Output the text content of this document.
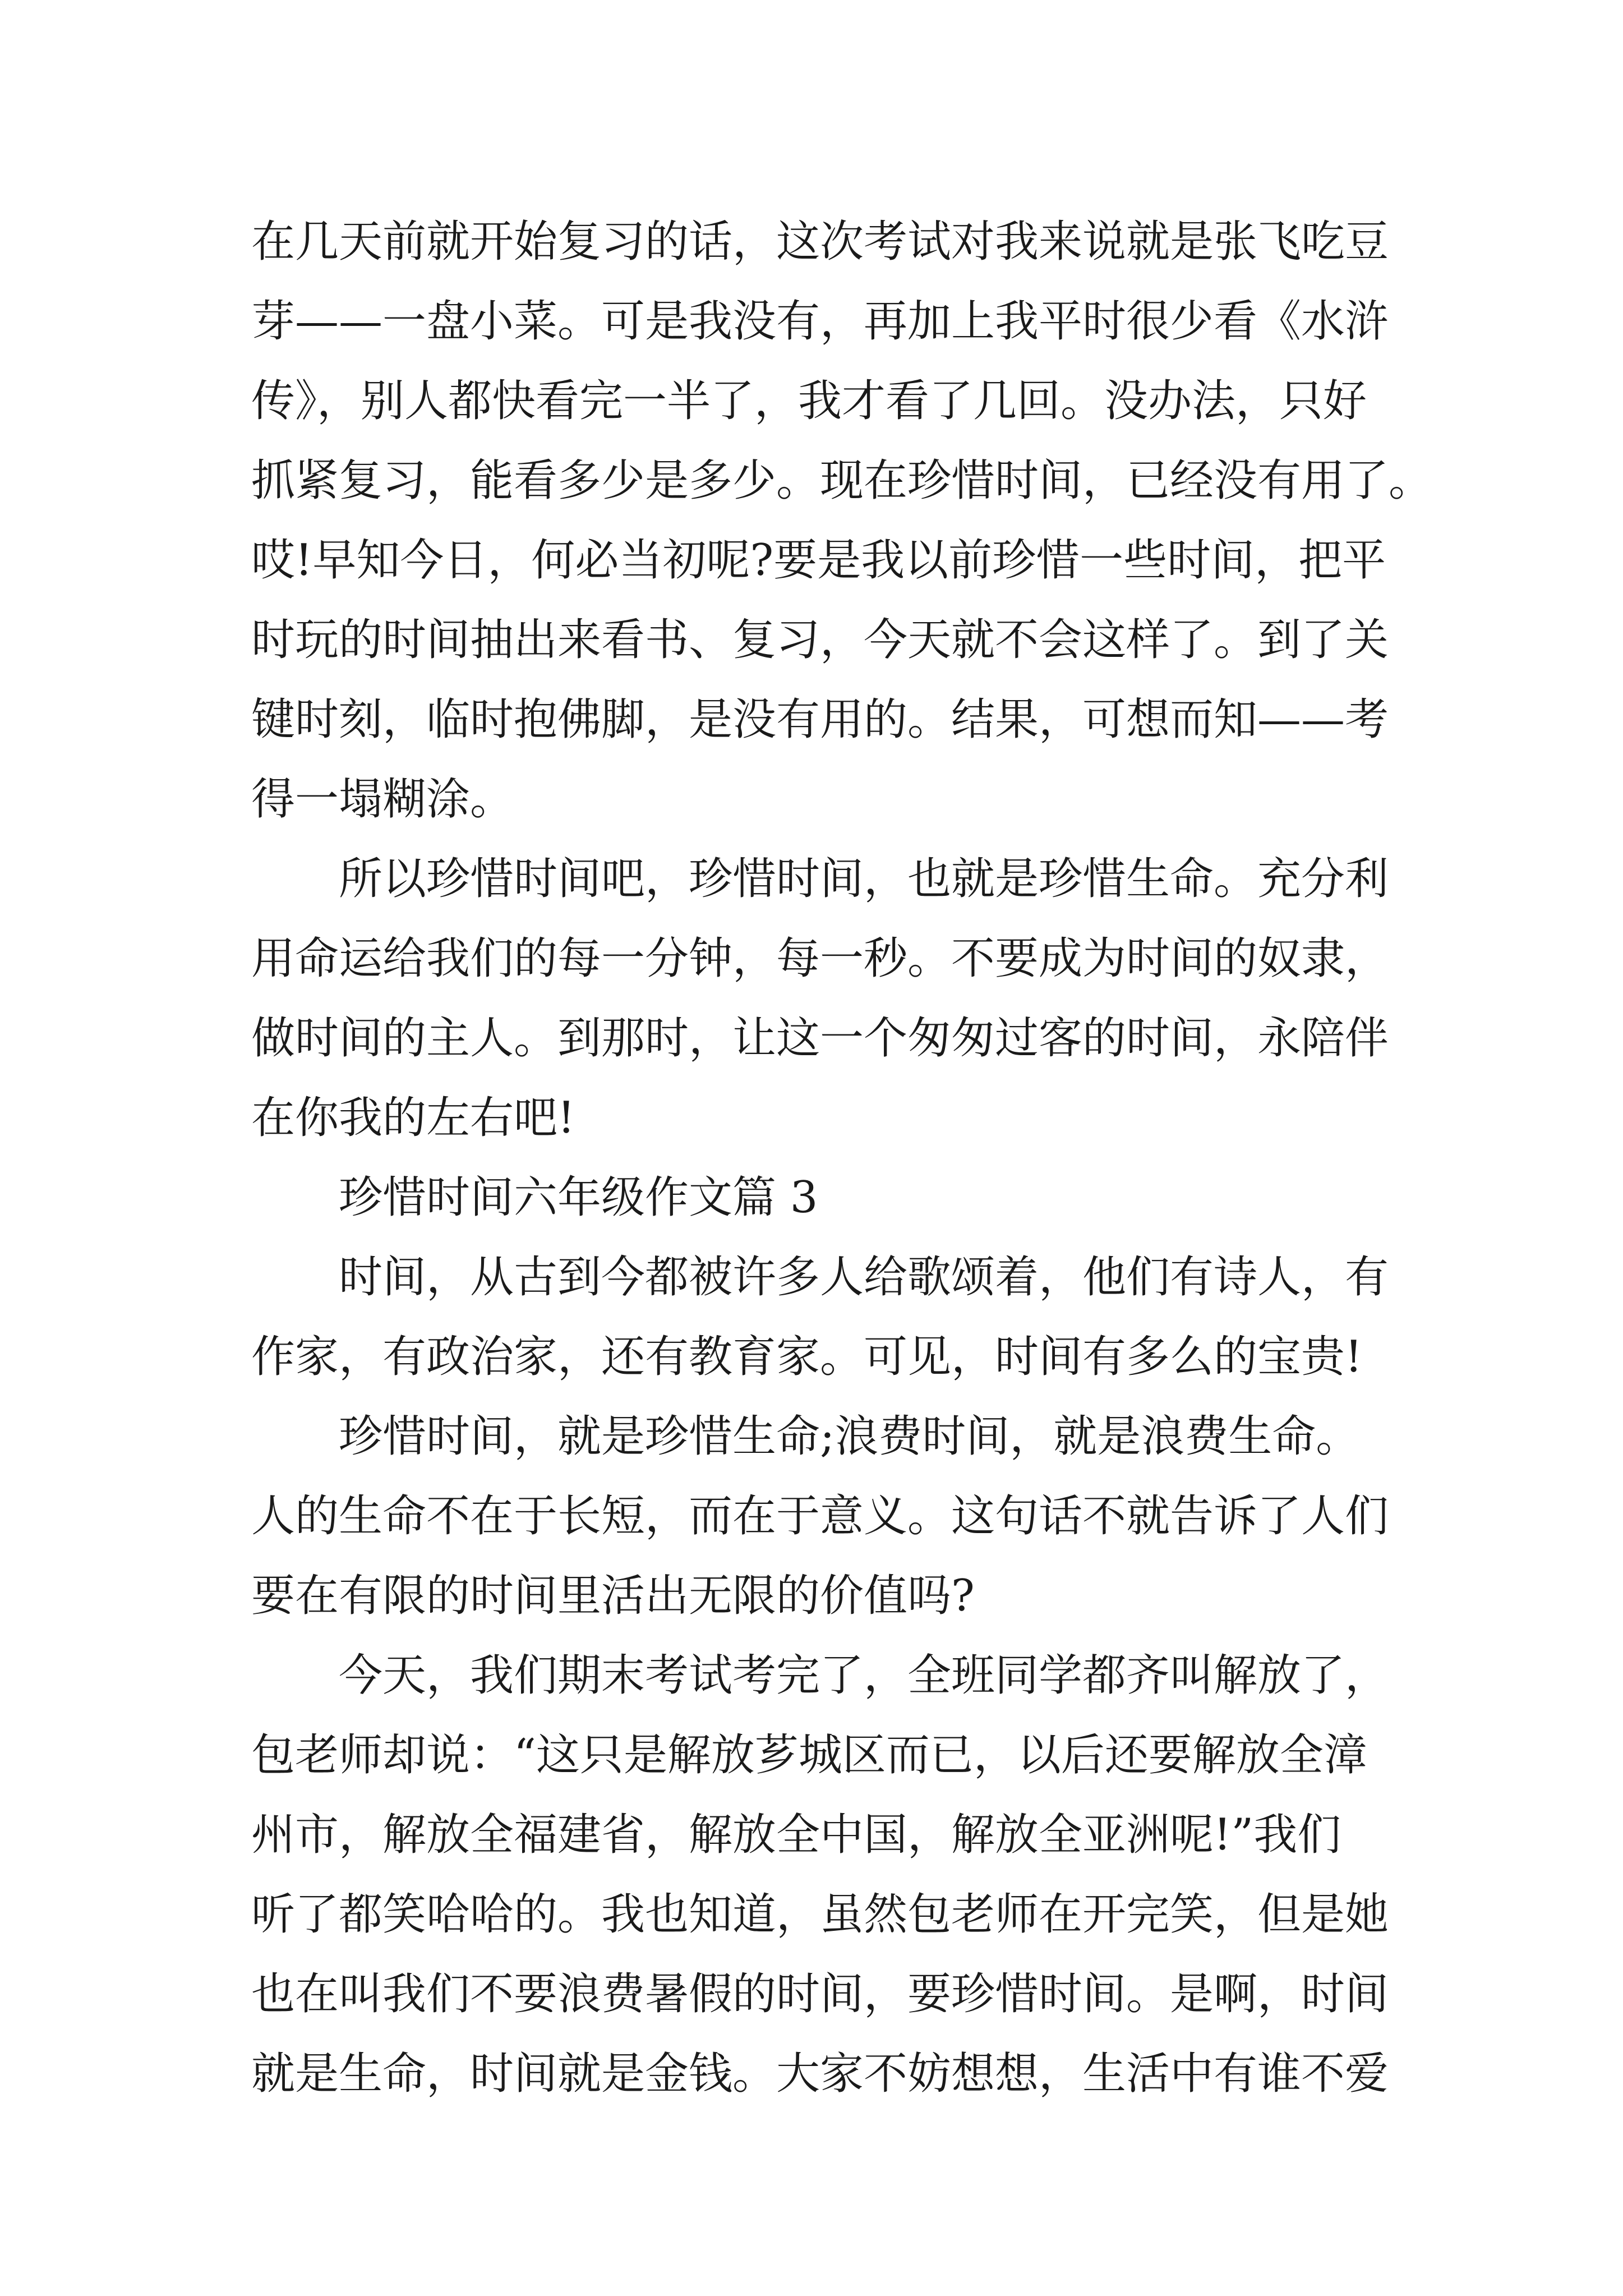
在几天前就开始复习的话，这次考试对我来说就是张飞吃豆
芽——一盘小菜。可是我没有，再加上我平时很少看《水浒
传》，别人都快看完一半了，我才看了几回。没办法，只好
抓紧复习，能看多少是多少。现在珍惜时间，已经没有用了。
哎!早知今日，何必当初呢?要是我以前珍惜一些时间，把平
时玩的时间抽出来看书、复习，今天就不会这样了。到了关
键时刻，临时抱佛脚，是没有用的。结果，可想而知——考
得一塌糊涂。
所以珍惜时间吧，珍惜时间，也就是珍惜生命。充分利
用命运给我们的每一分钟，每一秒。不要成为时间的奴隶，
做时间的主人。到那时，让这一个匆匆过客的时间，永陪伴
在你我的左右吧!
珍惜时间六年级作文篇 3
时间，从古到今都被许多人给歌颂着，他们有诗人，有
作家，有政治家，还有教育家。可见，时间有多么的宝贵!
珍惜时间，就是珍惜生命;浪费时间，就是浪费生命。
人的生命不在于长短，而在于意义。这句话不就告诉了人们
要在有限的时间里活出无限的价值吗?
今天，我们期末考试考完了，全班同学都齐叫解放了，
包老师却说：“这只是解放芗城区而已，以后还要解放全漳
州市，解放全福建省，解放全中国，解放全亚洲呢!”我们
听了都笑哈哈的。我也知道，虽然包老师在开完笑，但是她
也在叫我们不要浪费暑假的时间，要珍惜时间。是啊，时间
就是生命，时间就是金钱。大家不妨想想，生活中有谁不爱
